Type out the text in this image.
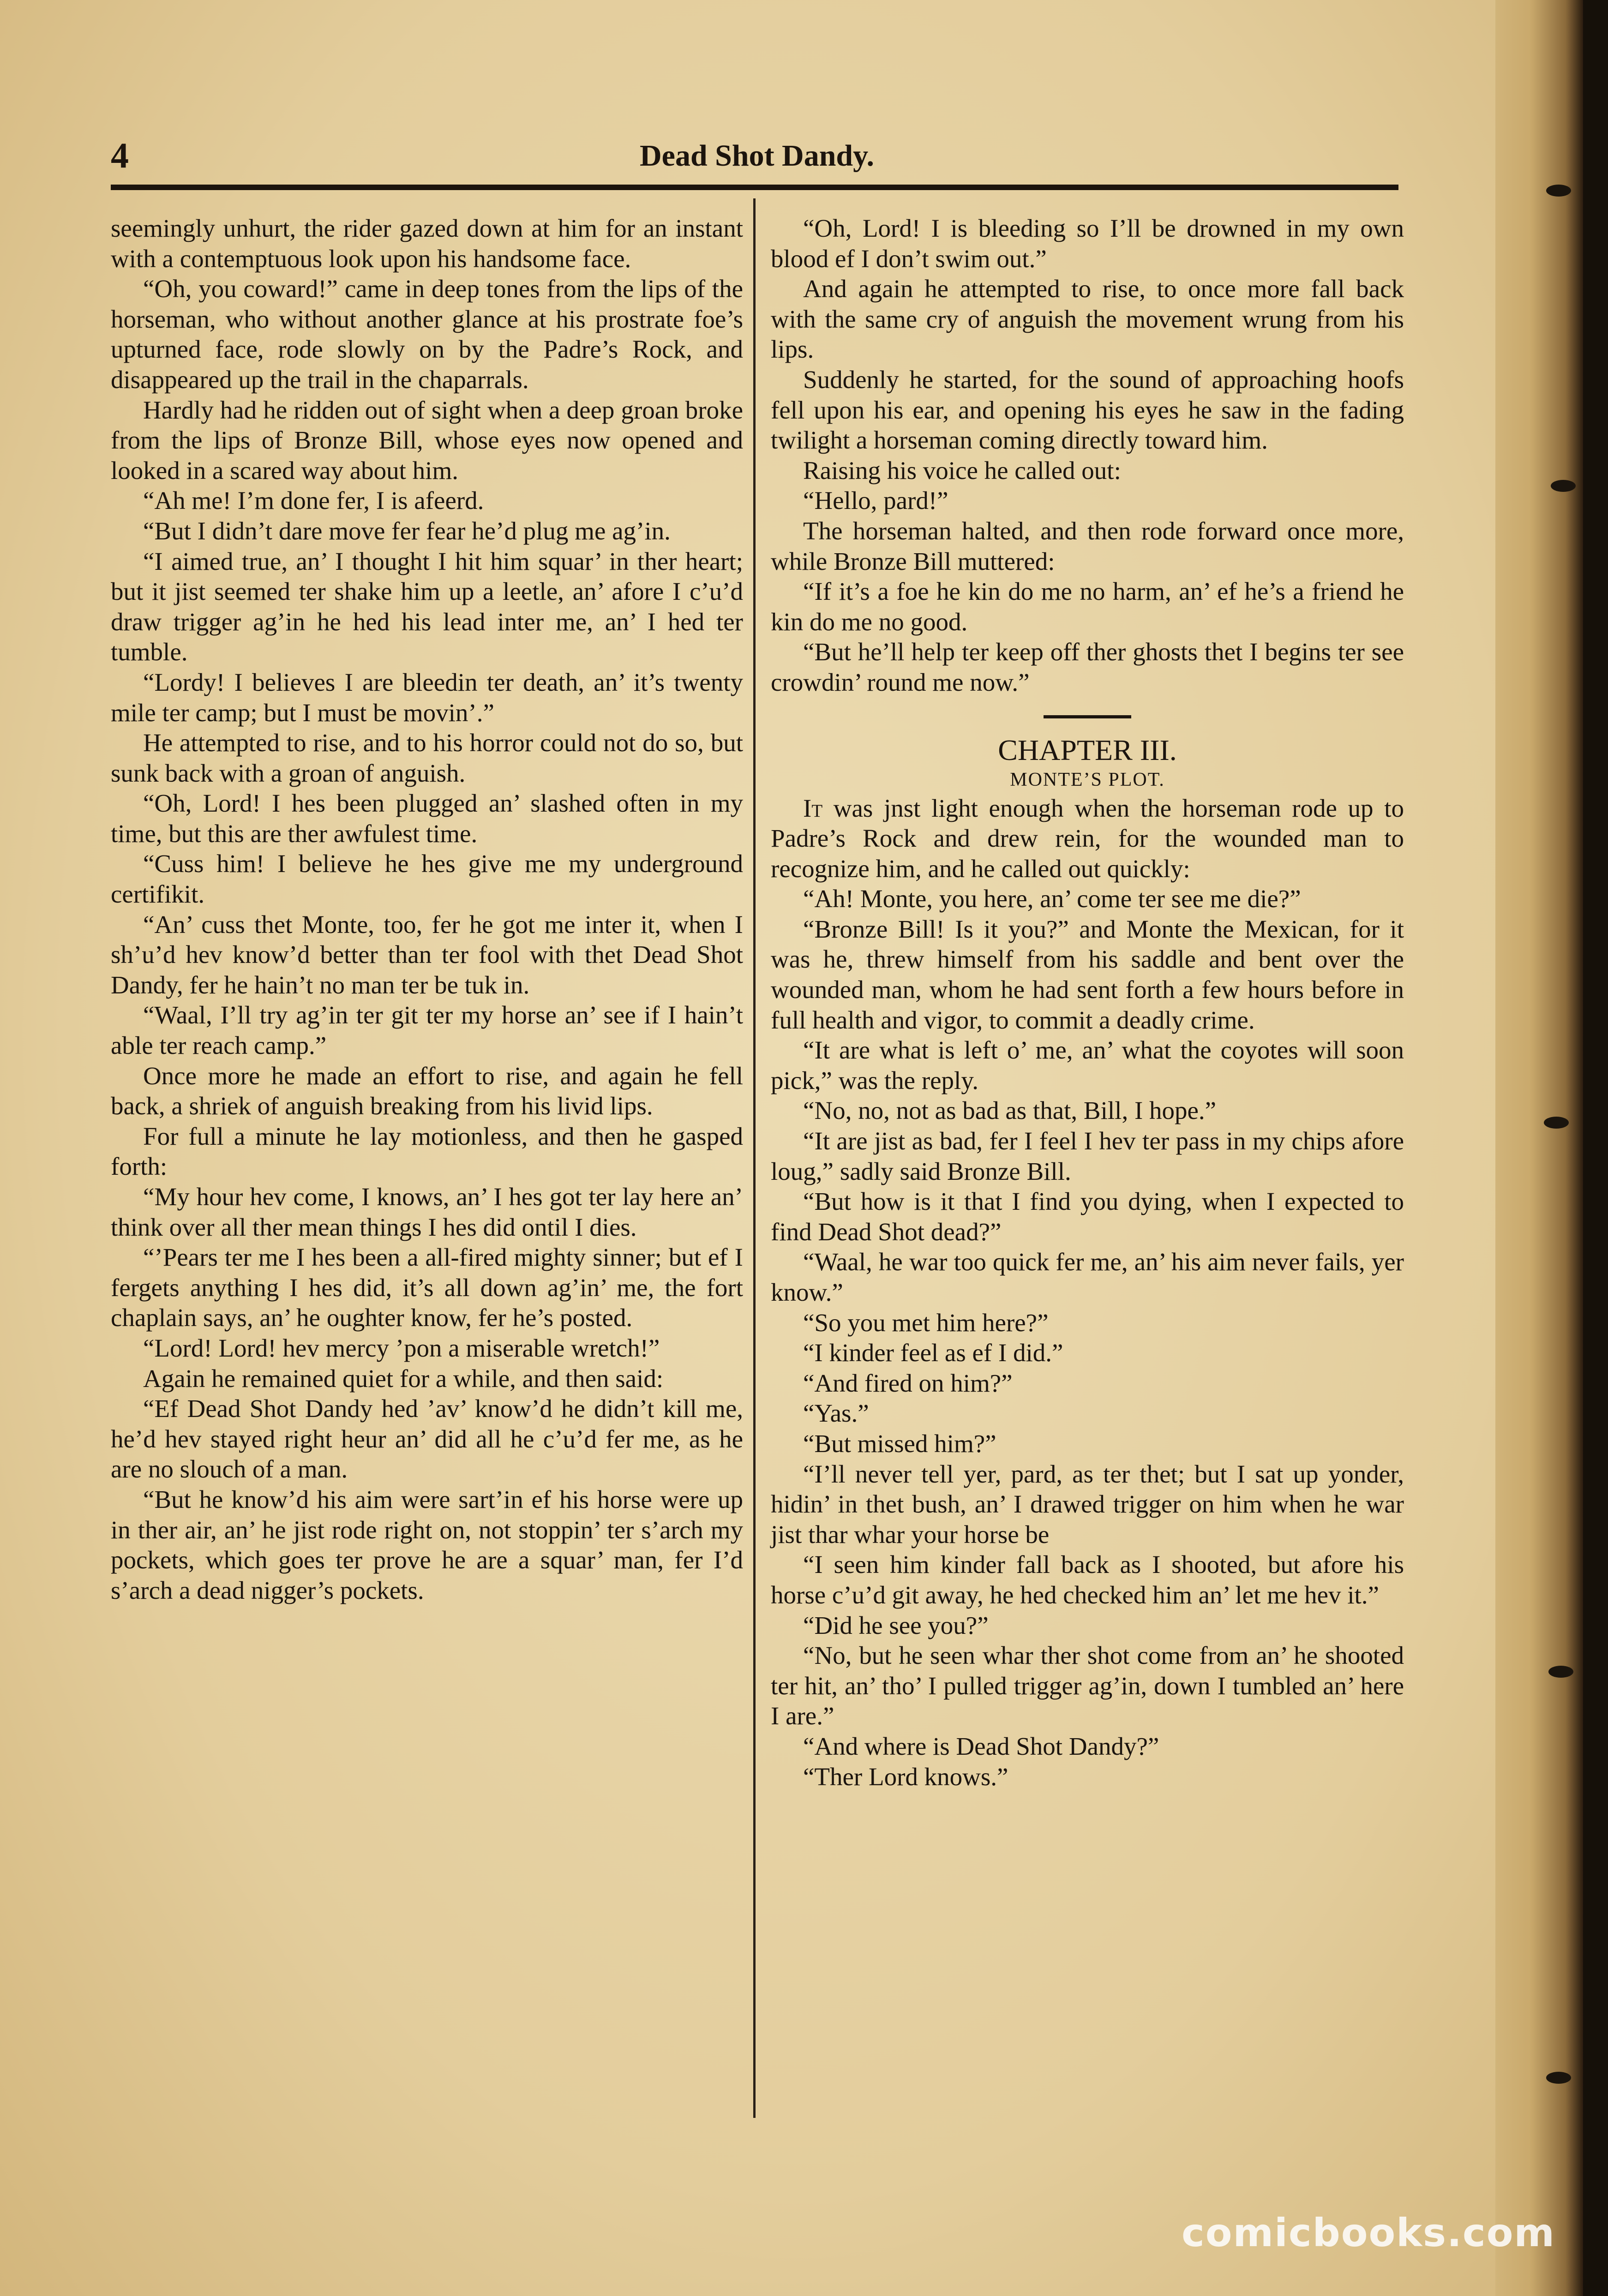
4	Dead Shot Dandy.

seemingly unhurt, the rider gazed down at him for an instant with a contemptuous look upon his handsome face.

“Oh, you coward!” came in deep tones from the lips of the horseman, who without another glance at his prostrate foe’s upturned face, rode slowly on by the Padre’s Rock, and disappeared up the trail in the chaparrals.

Hardly had he ridden out of sight when a deep groan broke from the lips of Bronze Bill, whose eyes now opened and looked in a scared way about him.

“Ah me! I’m done fer, I is afeerd.

“But I didn’t dare move fer fear he’d plug me ag’in.

“I aimed true, an’ I thought I hit him squar’ in ther heart; but it jist seemed ter shake him up a leetle, an’ afore I c’u’d draw trigger ag’in he hed his lead inter me, an’ I hed ter tumble.

“Lordy! I believes I are bleedin ter death, an’ it’s twenty mile ter camp; but I must be movin’.”

He attempted to rise, and to his horror could not do so, but sunk back with a groan of anguish.

“Oh, Lord! I hes been plugged an’ slashed often in my time, but this are ther awfulest time.

“Cuss him! I believe he hes give me my underground certifikit.

“An’ cuss thet Monte, too, fer he got me inter it, when I sh’u’d hev know’d better than ter fool with thet Dead Shot Dandy, fer he hain’t no man ter be tuk in.

“Waal, I’ll try ag’in ter git ter my horse an’ see if I hain’t able ter reach camp.”

Once more he made an effort to rise, and again he fell back, a shriek of anguish breaking from his livid lips.

For full a minute he lay motionless, and then he gasped forth:

“My hour hev come, I knows, an’ I hes got ter lay here an’ think over all ther mean things I hes did ontil I dies.

“’Pears ter me I hes been a all-fired mighty sinner; but ef I fergets anything I hes did, it’s all down ag’in’ me, the fort chaplain says, an’ he oughter know, fer he’s posted.

“Lord! Lord! hev mercy ’pon a miserable wretch!”

Again he remained quiet for a while, and then said:

“Ef Dead Shot Dandy hed ’av’ know’d he didn’t kill me, he’d hev stayed right heur an’ did all he c’u’d fer me, as he are no slouch of a man.

“But he know’d his aim were sart’in ef his horse were up in ther air, an’ he jist rode right on, not stoppin’ ter s’arch my pockets, which goes ter prove he are a squar’ man, fer I’d s’arch a dead nigger’s pockets.

“Oh, Lord! I is bleeding so I’ll be drowned in my own blood ef I don’t swim out.”

And again he attempted to rise, to once more fall back with the same cry of anguish the movement wrung from his lips.

Suddenly he started, for the sound of approaching hoofs fell upon his ear, and opening his eyes he saw in the fading twilight a horseman coming directly toward him.

Raising his voice he called out:

“Hello, pard!”

The horseman halted, and then rode forward once more, while Bronze Bill muttered:

“If it’s a foe he kin do me no harm, an’ ef he’s a friend he kin do me no good.

“But he’ll help ter keep off ther ghosts thet I begins ter see crowdin’ round me now.”

CHAPTER III.

MONTE’S PLOT.

It was jnst light enough when the horseman rode up to Padre’s Rock and drew rein, for the wounded man to recognize him, and he called out quickly:

“Ah! Monte, you here, an’ come ter see me die?”

“Bronze Bill! Is it you?” and Monte the Mexican, for it was he, threw himself from his saddle and bent over the wounded man, whom he had sent forth a few hours before in full health and vigor, to commit a deadly crime.

“It are what is left o’ me, an’ what the coyotes will soon pick,” was the reply.

“No, no, not as bad as that, Bill, I hope.”

“It are jist as bad, fer I feel I hev ter pass in my chips afore loug,” sadly said Bronze Bill.

“But how is it that I find you dying, when I expected to find Dead Shot dead?”

“Waal, he war too quick fer me, an’ his aim never fails, yer know.”

“So you met him here?”

“I kinder feel as ef I did.”

“And fired on him?”

“Yas.”

“But missed him?”

“I’ll never tell yer, pard, as ter thet; but I sat up yonder, hidin’ in thet bush, an’ I drawed trigger on him when he war jist thar whar your horse be

“I seen him kinder fall back as I shooted, but afore his horse c’u’d git away, he hed checked him an’ let me hev it.”

“Did he see you?”

“No, but he seen whar ther shot come from an’ he shooted ter hit, an’ tho’ I pulled trigger ag’in, down I tumbled an’ here I are.”

“And where is Dead Shot Dandy?”

“Ther Lord knows.”

comicbooks.com
